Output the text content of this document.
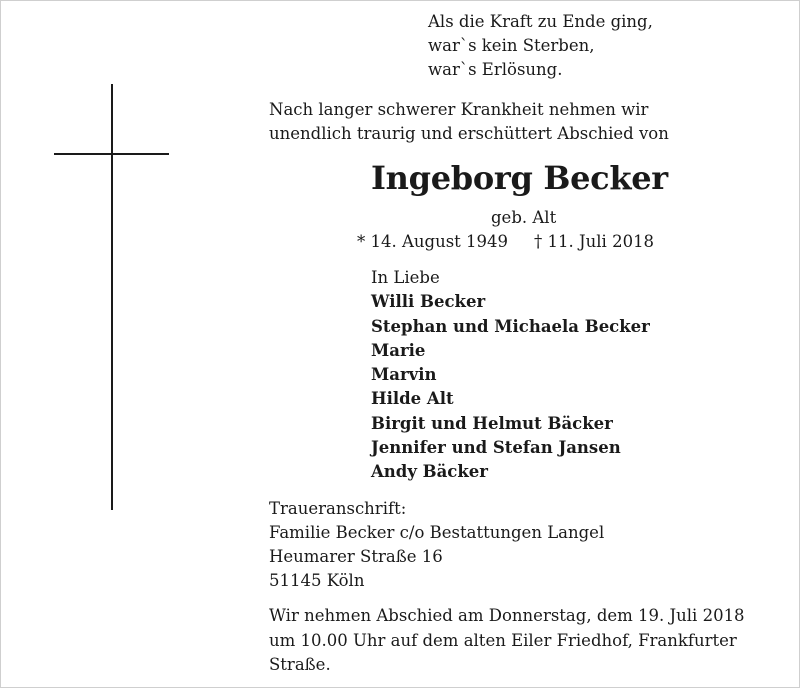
Als die Kraft zu Ende ging,
war`s kein Sterben,
war`s Erlösung.
Nach langer schwerer Krankheit nehmen wir
unendlich traurig und erschüttert Abschied von
Ingeborg Becker
geb. Alt
* 14. August 1949 † 11. Juli 2018
In Liebe
Willi Becker
Stephan und Michaela Becker
Marie
Marvin
Hilde Alt
Birgit und Helmut Bäcker
Jennifer und Stefan Jansen
Andy Bäcker
Traueranschrift:
Familie Becker c/o Bestattungen Langel
Heumarer Straße 16
51145 Köln
Wir nehmen Abschied am Donnerstag, dem 19. Juli 2018
um 10.00 Uhr auf dem alten Eiler Friedhof, Frankfurter
Straße.
